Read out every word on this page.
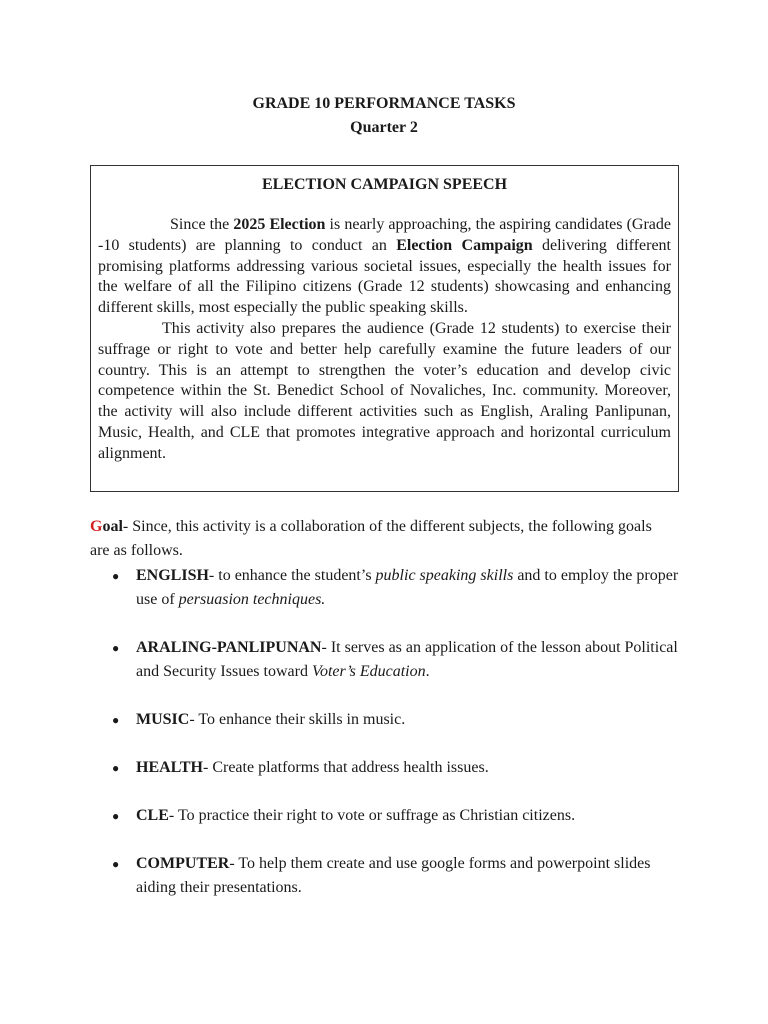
GRADE 10 PERFORMANCE TASKS
Quarter 2
ELECTION CAMPAIGN SPEECH

Since the 2025 Election is nearly approaching, the aspiring candidates (Grade -10 students) are planning to conduct an Election Campaign delivering different promising platforms addressing various societal issues, especially the health issues for the welfare of all the Filipino citizens (Grade 12 students) showcasing and enhancing different skills, most especially the public speaking skills.

This activity also prepares the audience (Grade 12 students) to exercise their suffrage or right to vote and better help carefully examine the future leaders of our country. This is an attempt to strengthen the voter’s education and develop civic competence within the St. Benedict School of Novaliches, Inc. community. Moreover, the activity will also include different activities such as English, Araling Panlipunan, Music, Health, and CLE that promotes integrative approach and horizontal curriculum alignment.

Goal- Since, this activity is a collaboration of the different subjects, the following goals are as follows.
● ENGLISH- to enhance the student’s public speaking skills and to employ the proper use of persuasion techniques.
● ARALING-PANLIPUNAN- It serves as an application of the lesson about Political and Security Issues toward Voter’s Education.
● MUSIC- To enhance their skills in music.
● HEALTH- Create platforms that address health issues.
● CLE- To practice their right to vote or suffrage as Christian citizens.
● COMPUTER- To help them create and use google forms and powerpoint slides aiding their presentations.
